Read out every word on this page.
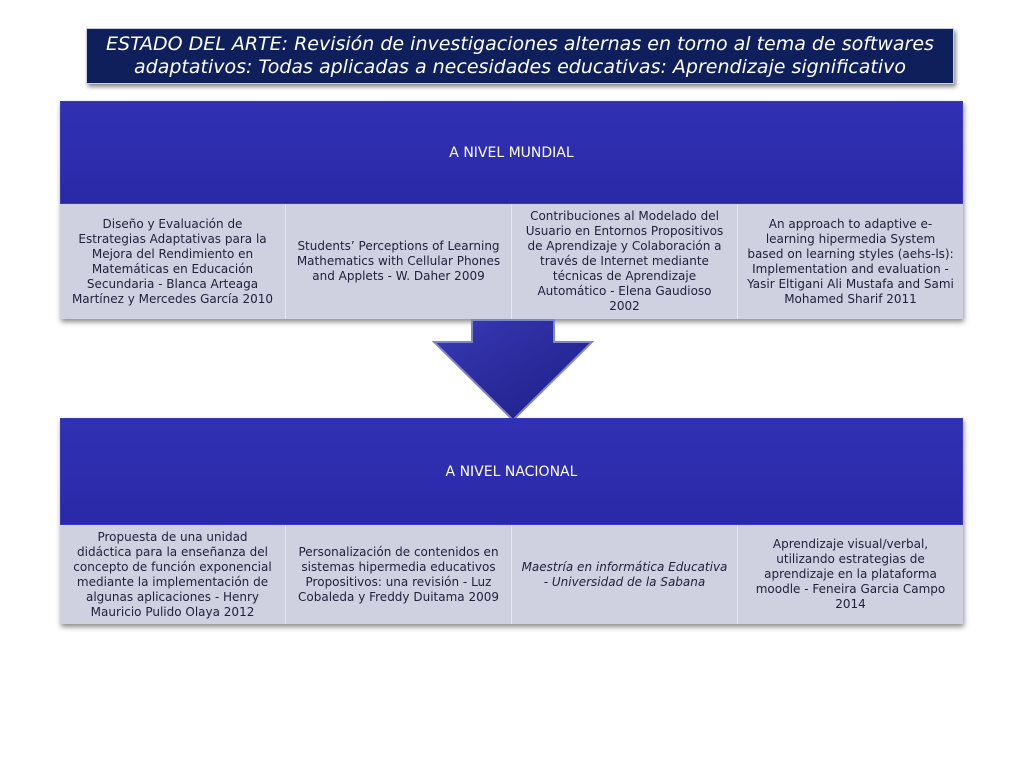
ESTADO DEL ARTE: Revisión de investigaciones alternas en torno al tema de softwares adaptativos: Todas aplicadas a necesidades educativas: Aprendizaje significativo
A NIVEL MUNDIAL
Diseño y Evaluación de Estrategias Adaptativas para la Mejora del Rendimiento en Matemáticas en Educación Secundaria - Blanca Arteaga Martínez y Mercedes García 2010
Students’ Perceptions of Learning Mathematics with Cellular Phones and Applets - W. Daher 2009
Contribuciones al Modelado del Usuario en Entornos Propositivos de Aprendizaje y Colaboración a través de Internet mediante técnicas de Aprendizaje Automático - Elena Gaudioso 2002
An approach to adaptive e-learning hipermedia System based on learning styles (aehs-ls): Implementation and evaluation - Yasir Eltigani Ali Mustafa and Sami Mohamed Sharif 2011
A NIVEL NACIONAL
Propuesta de una unidad didáctica para la enseñanza del concepto de función exponencial mediante la implementación de algunas aplicaciones - Henry Mauricio Pulido Olaya 2012
Personalización de contenidos en sistemas hipermedia educativos Propositivos: una revisión - Luz Cobaleda y Freddy Duitama 2009
Maestría en informática Educativa - Universidad de la Sabana
Aprendizaje visual/verbal, utilizando estrategias de aprendizaje en la plataforma moodle - Feneira Garcia Campo 2014
